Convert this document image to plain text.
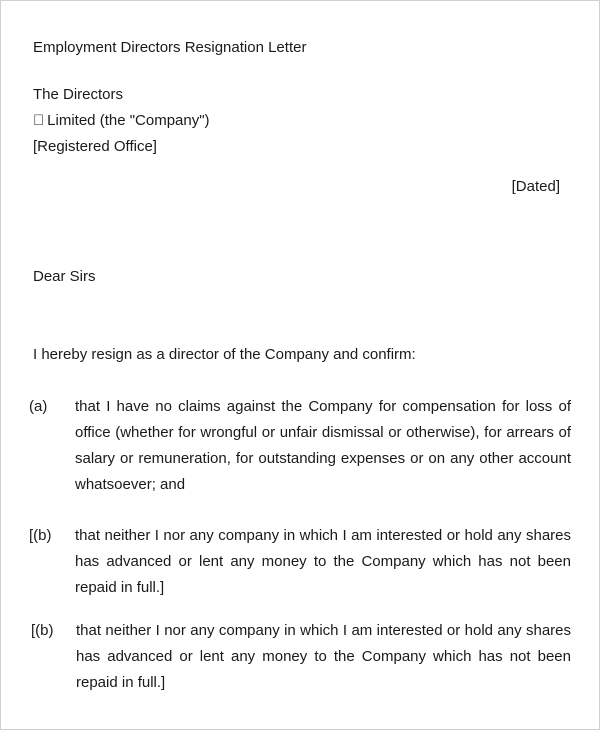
Employment Directors Resignation Letter
The Directors
Limited (the "Company")
[Registered Office]
[Dated]
Dear Sirs
I hereby resign as a director of the Company and confirm:
(a) that I have no claims against the Company for compensation for loss of office (whether for wrongful or unfair dismissal or otherwise), for arrears of salary or remuneration, for outstanding expenses or on any other account whatsoever; and
[(b) that neither I nor any company in which I am interested or hold any shares has advanced or lent any money to the Company which has not been repaid in full.]
[(b) that neither I nor any company in which I am interested or hold any shares has advanced or lent any money to the Company which has not been repaid in full.]
